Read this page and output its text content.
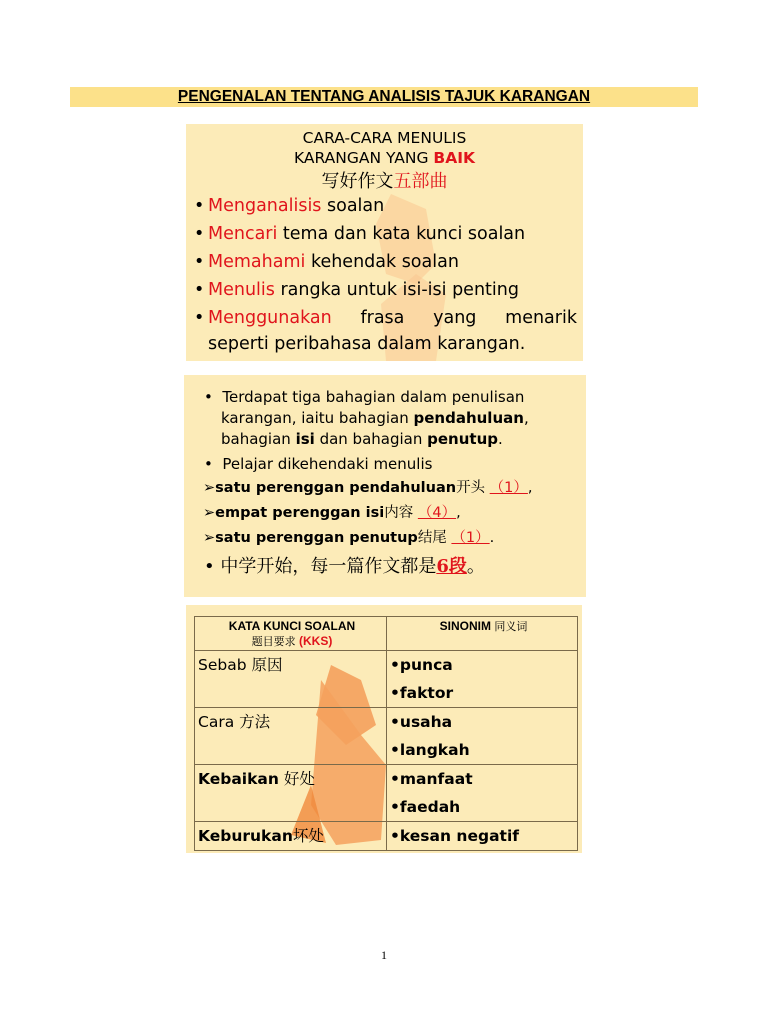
PENGENALAN TENTANG ANALISIS TAJUK KARANGAN
CARA-CARA MENULIS
KARANGAN YANG BAIK
写好作文五部曲
• Menganalisis soalan
• Mencari tema dan kata kunci soalan
• Memahami kehendak soalan
• Menulis rangka untuk isi-isi penting
• Menggunakan frasa yang menarik
seperti peribahasa dalam karangan.
• Terdapat tiga bahagian dalam penulisan
karangan, iaitu bahagian pendahuluan,
bahagian isi dan bahagian penutup.
• Pelajar dikehendaki menulis
➢satu perenggan pendahuluan开头 （1）,
➢empat perenggan isi内容 （4）,
➢satu perenggan penutup结尾 （1）.
• 中学开始，每一篇作文都是6段。
KATA KUNCI SOALAN
题目要求 (KKS)	SINONIM 同义词
Sebab 原因	•punca
•faktor
Cara 方法	•usaha
•langkah
Kebaikan 好处	•manfaat
•faedah
Keburukan坏处	•kesan negatif
1
